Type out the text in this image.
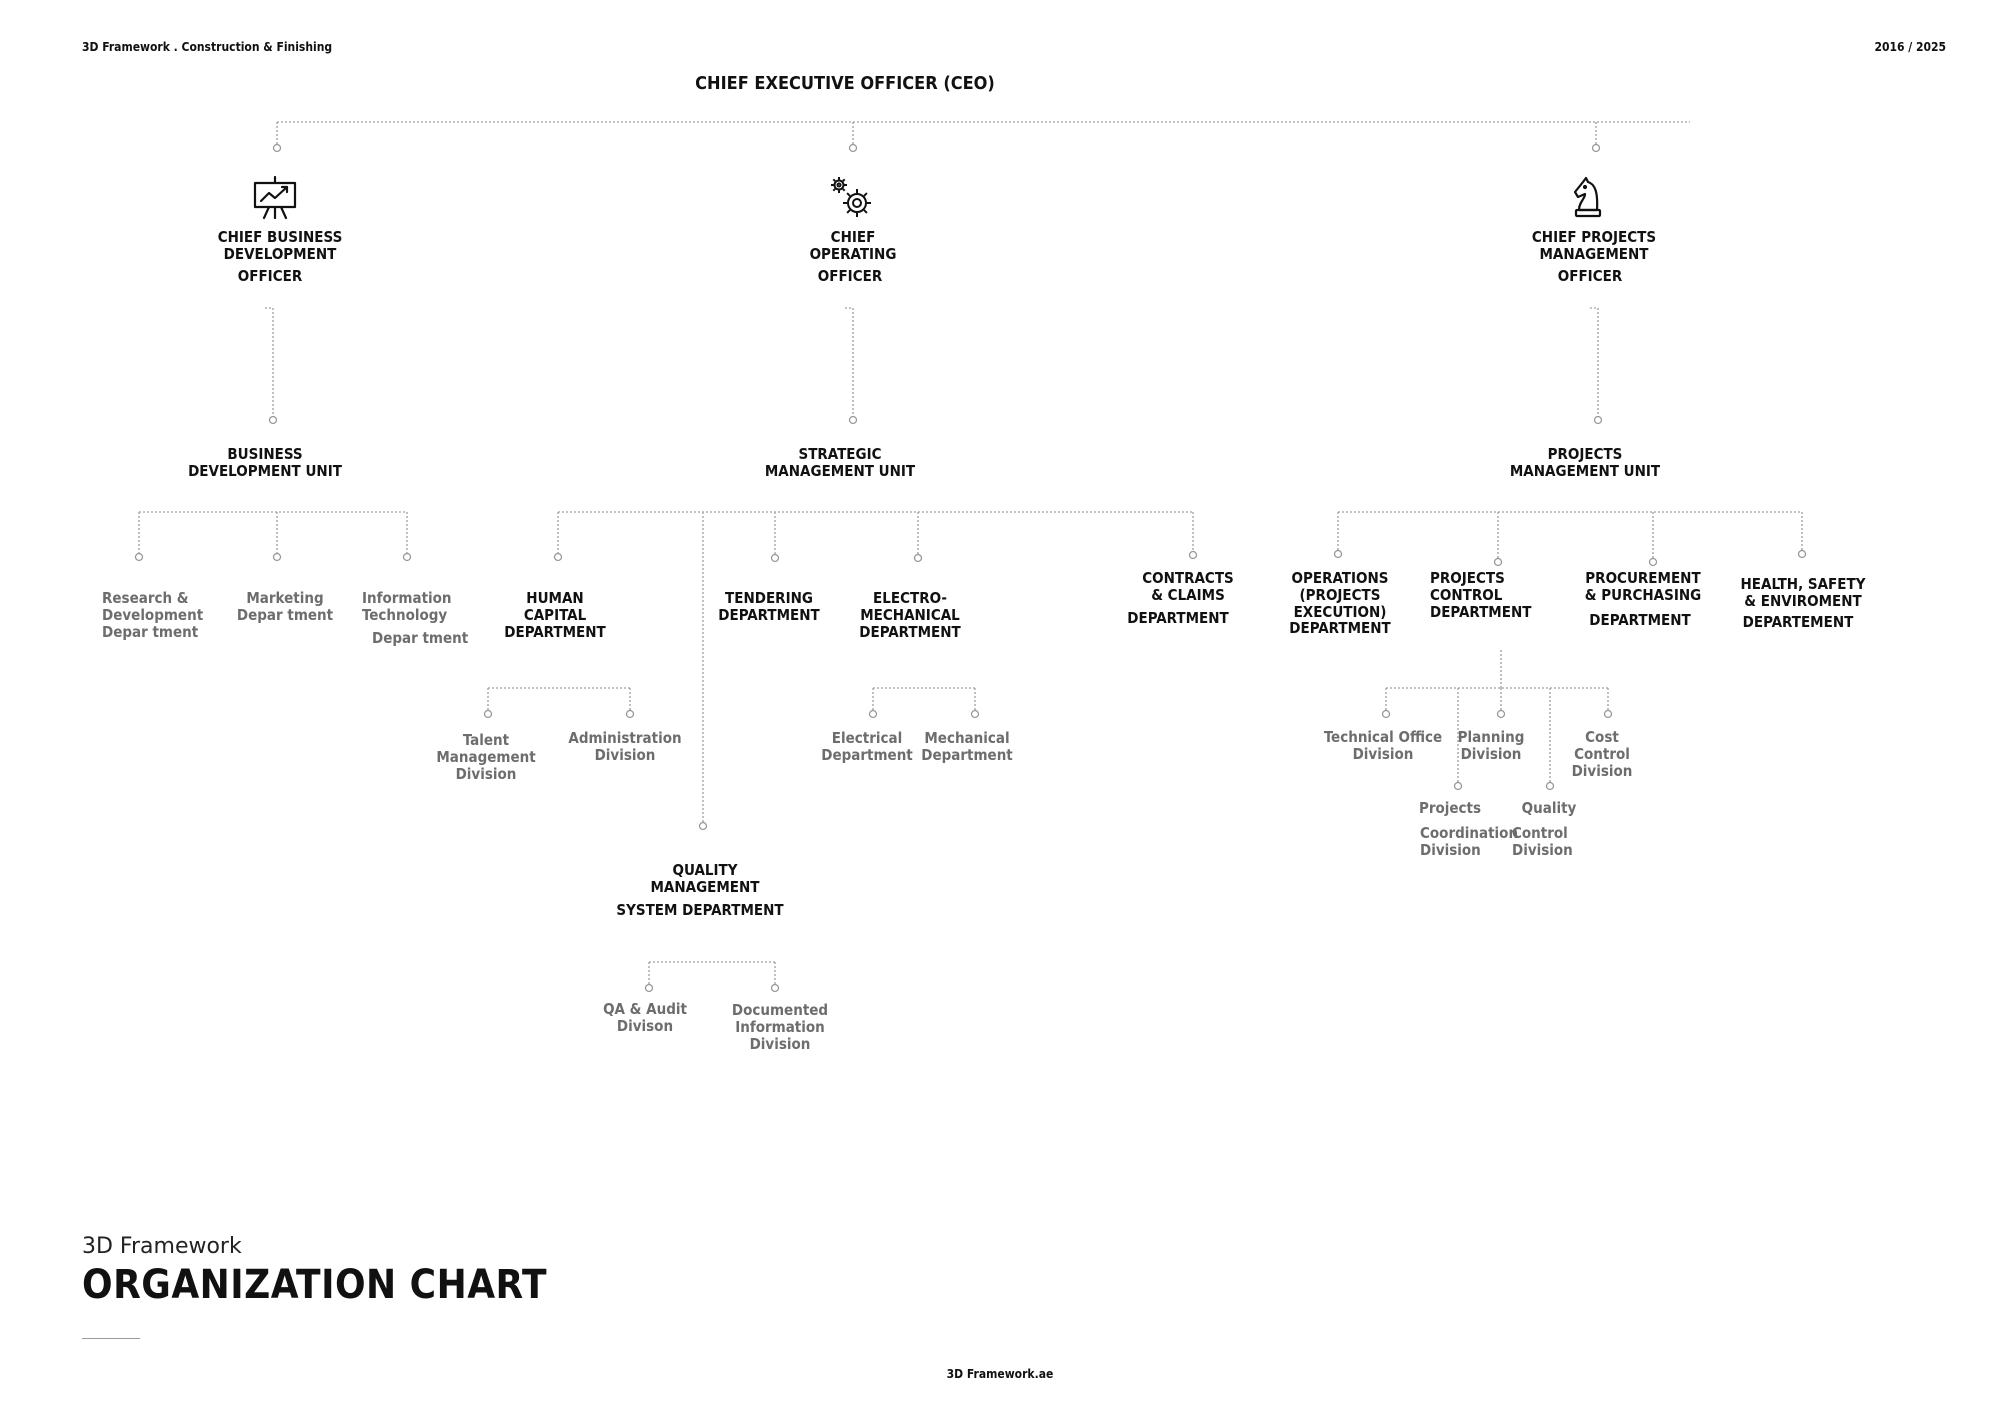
3D Framework . Construction & Finishing	2016 / 2025
CHIEF EXECUTIVE OFFICER (CEO)
CHIEF BUSINESS
DEVELOPMENT
OFFICER
CHIEF
OPERATING
OFFICER
CHIEF PROJECTS
MANAGEMENT
OFFICER
BUSINESS
DEVELOPMENT UNIT
STRATEGIC
MANAGEMENT UNIT
PROJECTS
MANAGEMENT UNIT
Research &
Development
Depar tment
Marketing
Depar tment
Information
Technology
Depar tment
HUMAN
CAPITAL
DEPARTMENT
TENDERING
DEPARTMENT
ELECTRO-
MECHANICAL
DEPARTMENT
CONTRACTS
& CLAIMS
DEPARTMENT
QUALITY
MANAGEMENT
SYSTEM DEPARTMENT
OPERATIONS
(PROJECTS
EXECUTION)
DEPARTMENT
PROJECTS
CONTROL
DEPARTMENT
PROCUREMENT
& PURCHASING
DEPARTMENT
HEALTH, SAFETY
& ENVIROMENT
DEPARTEMENT
Talent
Management
Division
Administration
Division
Electrical
Department
Mechanical
Department
QA & Audit
Divison
Documented
Information
Division
Technical Office
Division
Planning
Division
Cost
Control
Division
Projects
Coordination
Division
Quality
Control
Division
3D Framework
ORGANIZATION CHART
3D Framework.ae
